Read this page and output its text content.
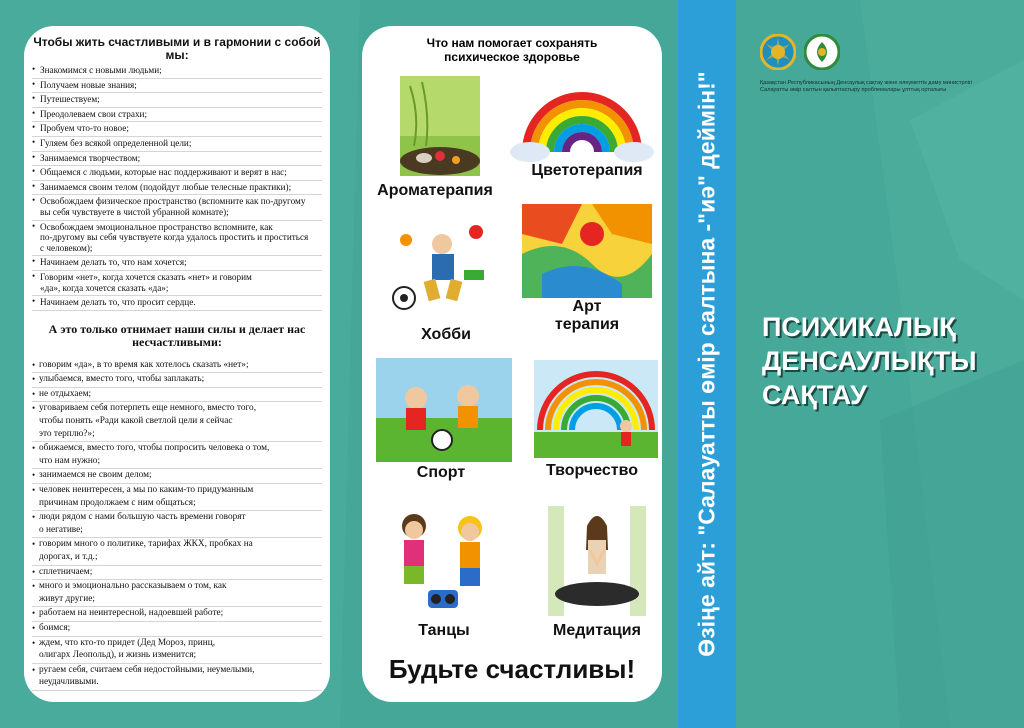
Чтобы жить счастливыми и в гармонии с собой мы:
• Знакомимся с новыми людьми;
• Получаем новые знания;
• Путешествуем;
• Преодолеваем свои страхи;
• Пробуем что-то новое;
• Гуляем без всякой определенной цели;
• Занимаемся творчеством;
• Общаемся с людьми, которые нас поддерживают и верят в нас;
• Занимаемся своим телом (подойдут любые телесные практики);
• Освобождаем физическое пространство (вспомните как по-другому
вы себя чувствуете в чистой убранной комнате);
• Освобождаем эмоциональное пространство вспомните, как
по-другому вы себя чувствуете когда удалось простить и проститься
с человеком);
• Начинаем делать то, что нам хочется;
• Говорим «нет», когда хочется сказать «нет» и говорим
«да», когда хочется сказать «да»;
• Начинаем делать то, что просит сердце.
А это только отнимает наши силы и делает нас несчастливыми:
• говорим «да», в то время как хотелось сказать «нет»;
• улыбаемся, вместо того, чтобы заплакать;
• не отдыхаем;
• уговариваем себя потерпеть еще немного, вместо того,
чтобы понять «Ради какой светлой цели я сейчас
это терплю?»;
• обижаемся, вместо того, чтобы попросить человека о том,
что нам нужно;
• занимаемся не своим делом;
• человек неинтересен, а мы по каким-то придуманным
причинам продолжаем с ним общаться;
• люди рядом с нами большую часть времени говорят
о негативе;
• говорим много о политике, тарифах ЖКХ, пробках на
дорогах, и т.д.;
• сплетничаем;
• много и эмоционально рассказываем о том, как
живут другие;
• работаем на неинтересной, надоевшей работе;
• боимся;
• ждем, что кто-то придет (Дед Мороз, принц,
олигарх Леопольд), и жизнь изменится;
• ругаем себя, считаем себя недостойными, неумелыми,
неудачливыми.
Что нам помогает сохранять
психическое здоровье
Ароматерапия
Цветотерапия
Хобби
Арт
терапия
Спорт	Творчество
Танцы	Медитация
Будьте счастливы!
Өзіңе айт: "Салауатты өмір салтына -"иә" деймін!"	Қазақстан Республикасының Денсаулық сақтау және әлеуметтік даму министрлігі
Салауатты өмір салтын қалыптастыру проблемалары ұлттық орталығы
ПСИХИКАЛЫҚ
ДЕНСАУЛЫҚТЫ
САҚТАУ
